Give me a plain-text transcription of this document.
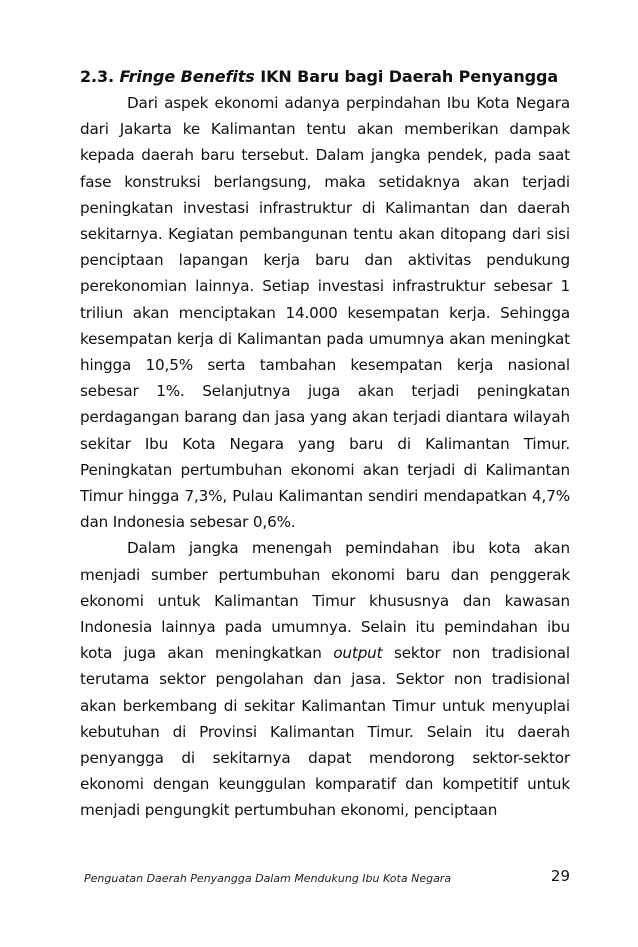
2.3. Fringe Benefits IKN Baru bagi Daerah Penyangga

Dari aspek ekonomi adanya perpindahan Ibu Kota Negara dari Jakarta ke Kalimantan tentu akan memberikan dampak kepada daerah baru tersebut. Dalam jangka pendek, pada saat fase konstruksi berlangsung, maka setidaknya akan terjadi peningkatan investasi infrastruktur di Kalimantan dan daerah sekitarnya. Kegiatan pembangunan tentu akan ditopang dari sisi penciptaan lapangan kerja baru dan aktivitas pendukung perekonomian lainnya. Setiap investasi infrastruktur sebesar 1 triliun akan menciptakan 14.000 kesempatan kerja. Sehingga kesempatan kerja di Kalimantan pada umumnya akan meningkat hingga 10,5% serta tambahan kesempatan kerja nasional sebesar 1%. Selanjutnya juga akan terjadi peningkatan perdagangan barang dan jasa yang akan terjadi diantara wilayah sekitar Ibu Kota Negara yang baru di Kalimantan Timur. Peningkatan pertumbuhan ekonomi akan terjadi di Kalimantan Timur hingga 7,3%, Pulau Kalimantan sendiri mendapatkan 4,7% dan Indonesia sebesar 0,6%.

Dalam jangka menengah pemindahan ibu kota akan menjadi sumber pertumbuhan ekonomi baru dan penggerak ekonomi untuk Kalimantan Timur khususnya dan kawasan Indonesia lainnya pada umumnya. Selain itu pemindahan ibu kota juga akan meningkatkan output sektor non tradisional terutama sektor pengolahan dan jasa. Sektor non tradisional akan berkembang di sekitar Kalimantan Timur untuk menyuplai kebutuhan di Provinsi Kalimantan Timur. Selain itu daerah penyangga di sekitarnya dapat mendorong sektor-sektor ekonomi dengan keunggulan komparatif dan kompetitif untuk menjadi pengungkit pertumbuhan ekonomi, penciptaan

Penguatan Daerah Penyangga Dalam Mendukung Ibu Kota Negara	29
